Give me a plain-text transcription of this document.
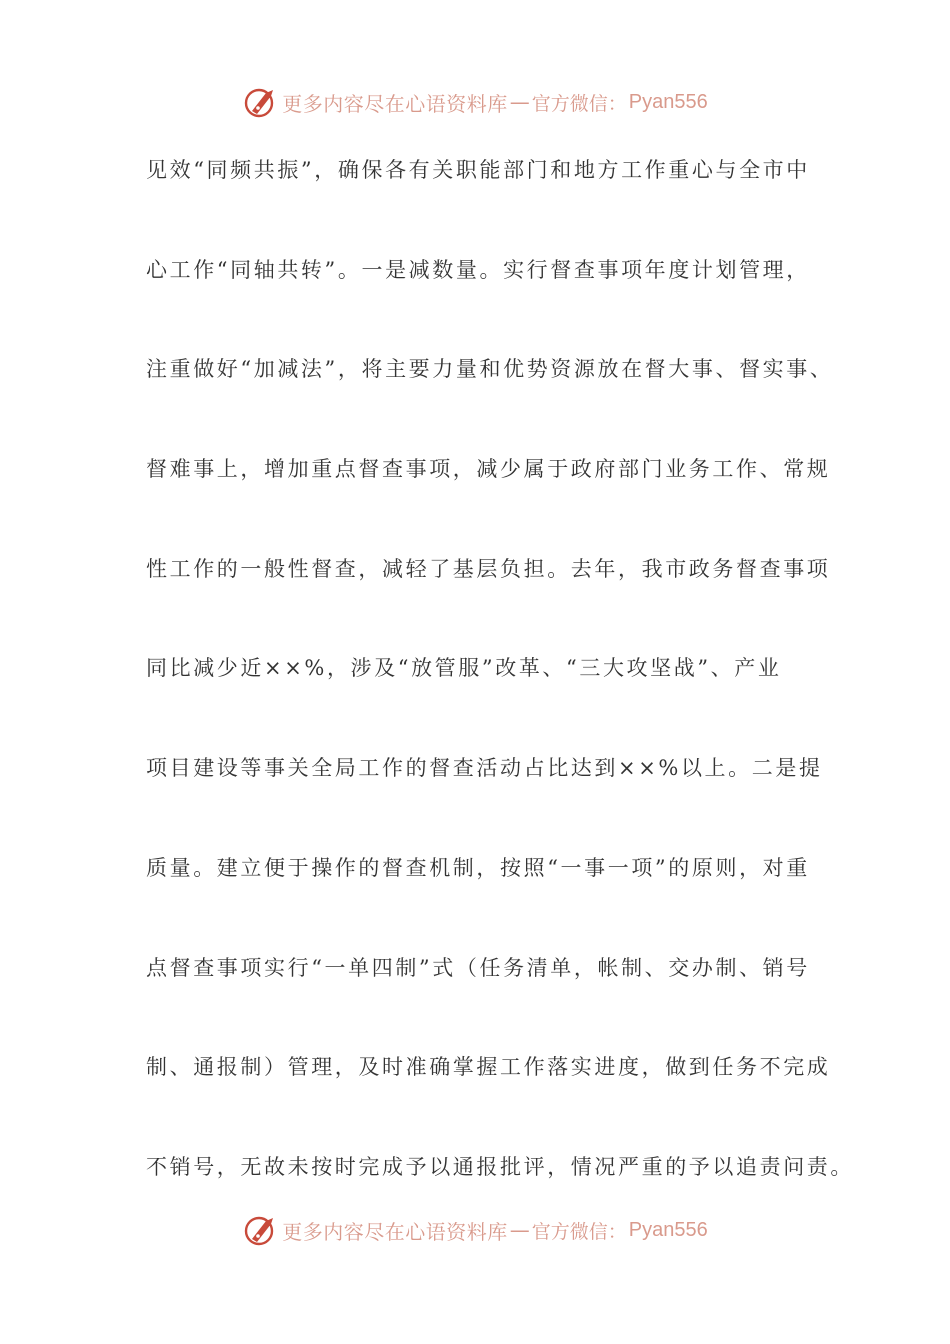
更多内容尽在心语资料库 — 官方微信： Pyan556
见效“同频共振”，确保各有关职能部门和地方工作重心与全市中
心工作“同轴共转”。一是减数量。实行督查事项年度计划管理，
注重做好“加减法”，将主要力量和优势资源放在督大事、督实事、
督难事上，增加重点督查事项，减少属于政府部门业务工作、常规
性工作的一般性督查，减轻了基层负担。去年，我市政务督查事项
同比减少近××%，涉及“放管服”改革、“三大攻坚战”、产业
项目建设等事关全局工作的督查活动占比达到××%以上。二是提
质量。建立便于操作的督查机制，按照“一事一项”的原则，对重
点督查事项实行“一单四制”式（任务清单，帐制、交办制、销号
制、通报制）管理，及时准确掌握工作落实进度，做到任务不完成
不销号，无故未按时完成予以通报批评，情况严重的予以追责问责。
更多内容尽在心语资料库 — 官方微信： Pyan556
